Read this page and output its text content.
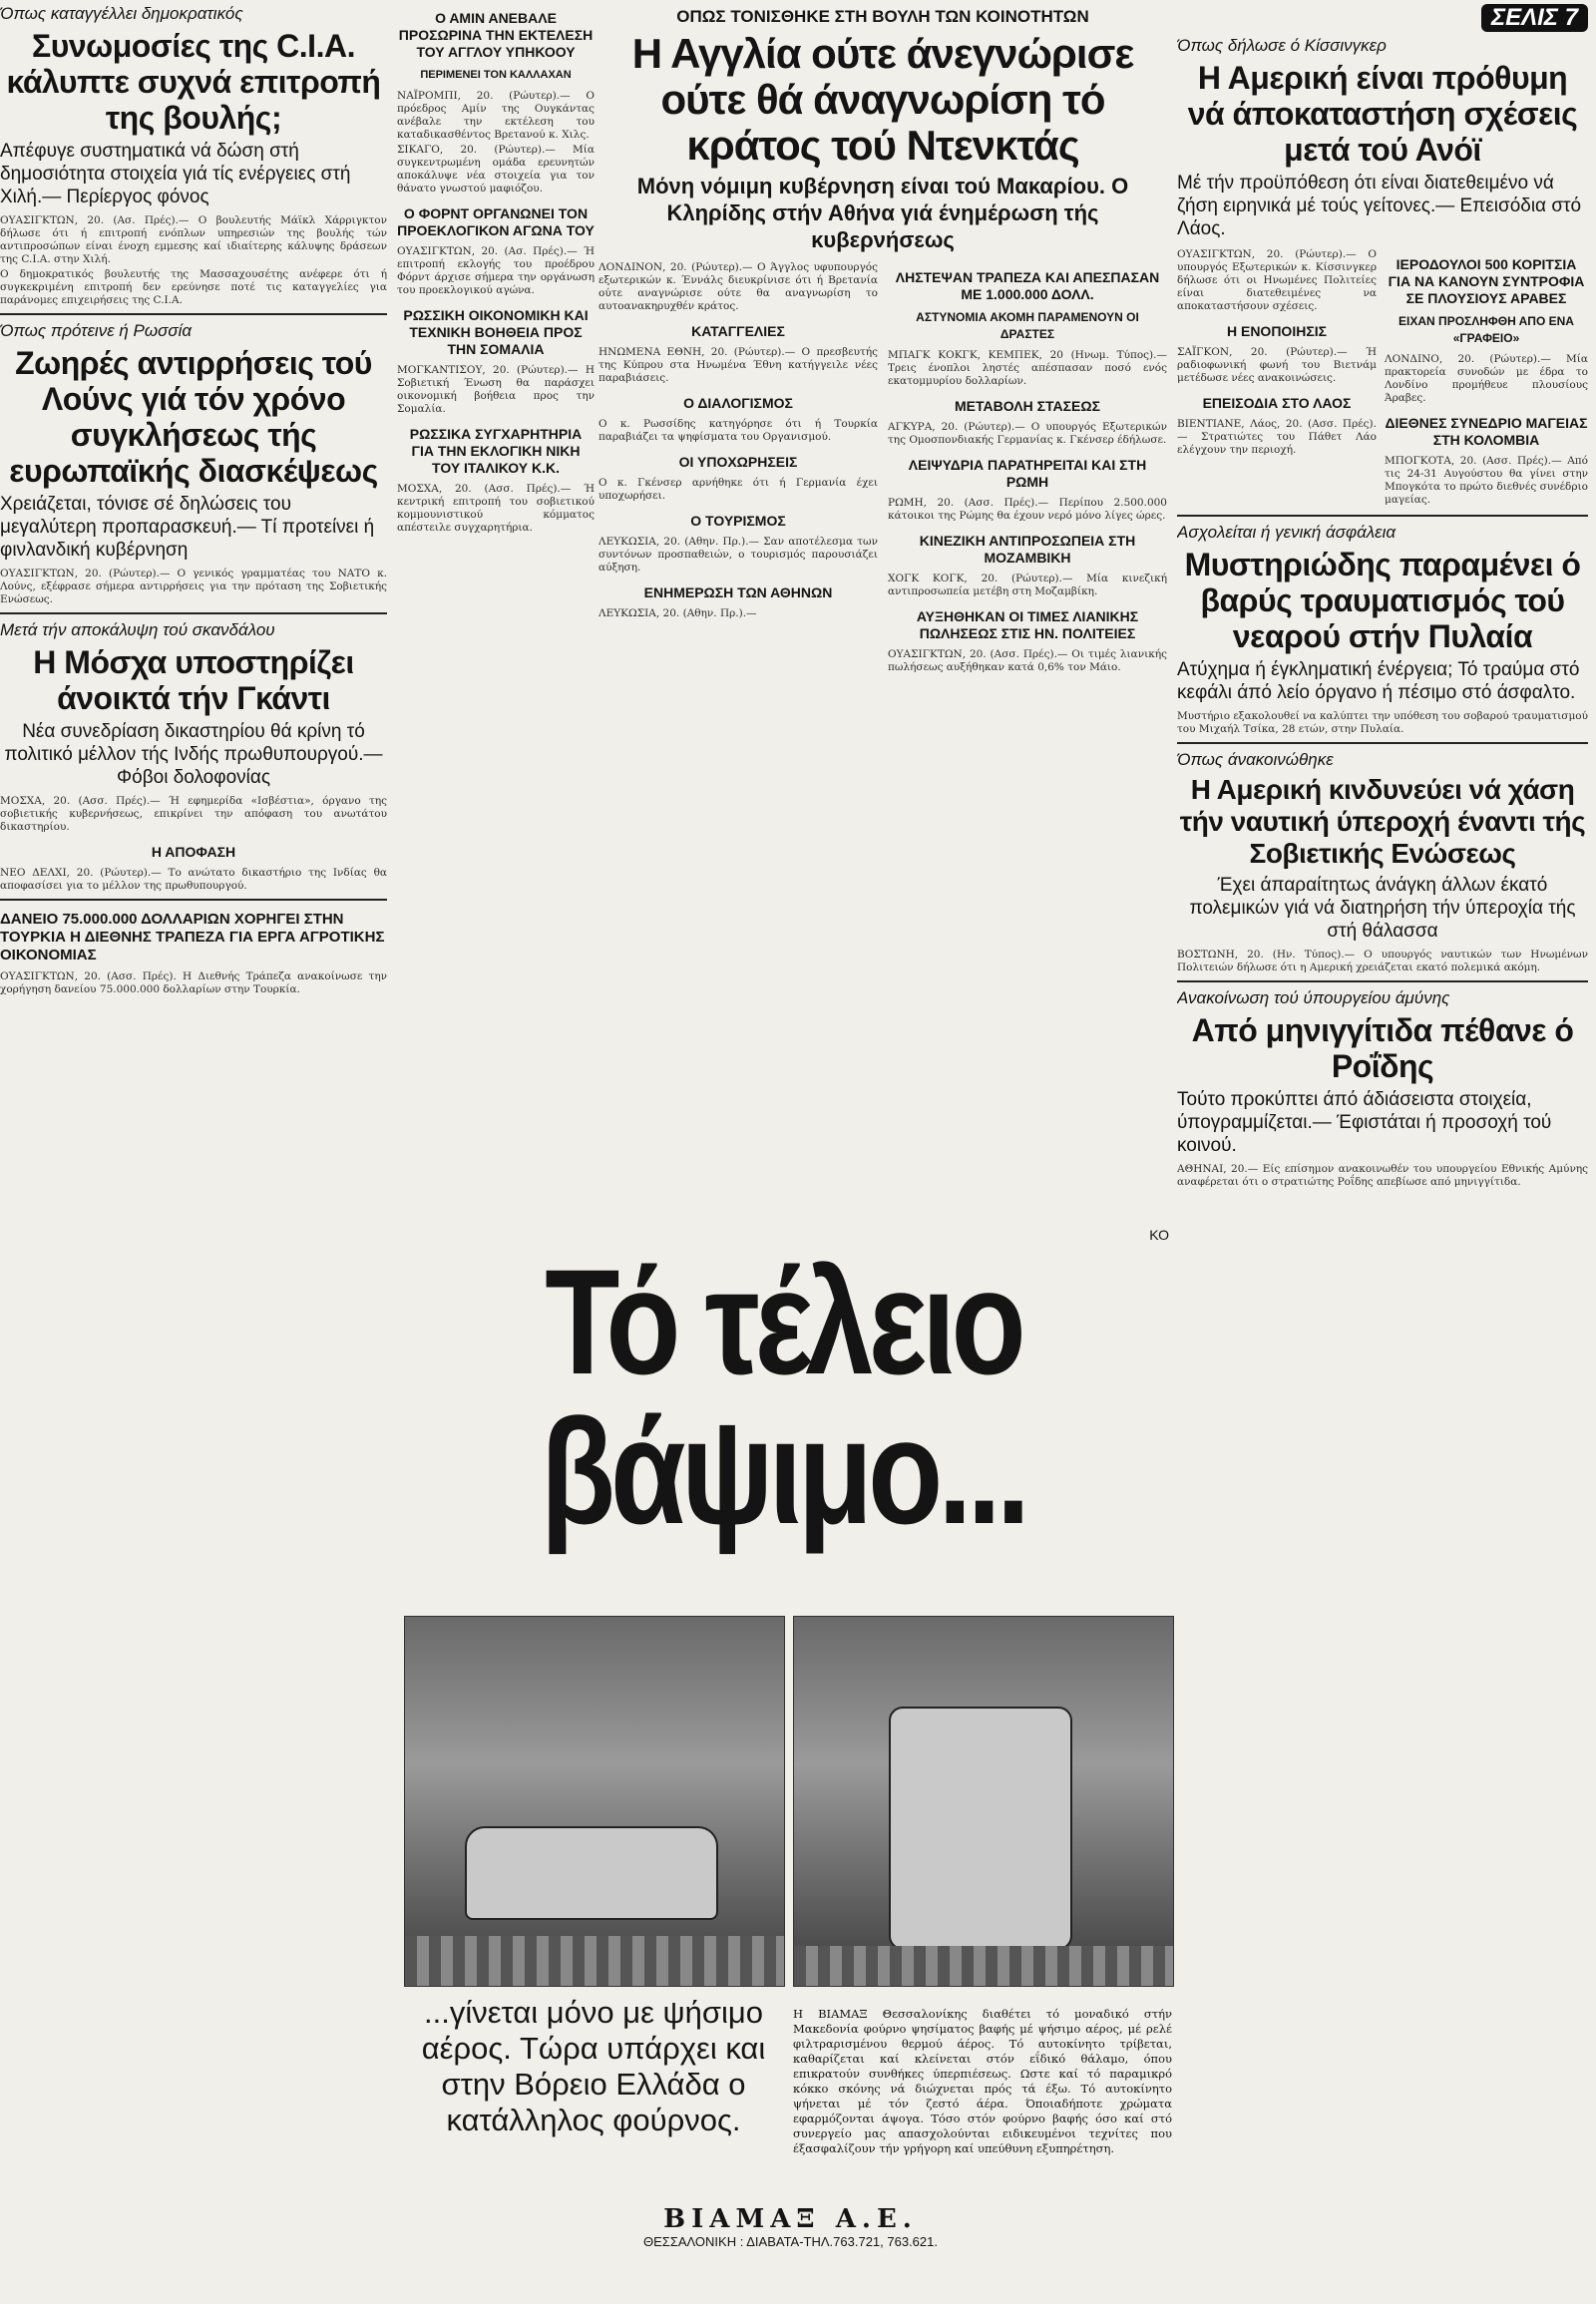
Όπως καταγγέλλει δημοκρατικός
Συνωμοσίες της C.I.A. κάλυπτε συχνά επιτροπή της βουλής;
Απέφυγε συστηματικά νά δώση στή δημοσιότητα στοιχεία γιά τίς ενέργειες στή Χιλή.— Περίεργος φόνος

ΟΥΑΣΙΓΚΤΩΝ, 20. (Ασ. Πρές).— Ο βουλευτής Μάϊκλ Χάρριγκτον δήλωσε ότι ή επιτροπή ενόπλων υπηρεσιών της βουλής τών αντιπροσώπων είναι ένοχη εμμεσης καί ιδιαίτερης κάλυψης δράσεων της C.I.A. στην Χιλή.

Ο δημοκρατικός βουλευτής της Μασσαχουσέτης ανέφερε ότι ή συγκεκριμένη επιτροπή δεν ερεύνησε ποτέ τις καταγγελίες για παράνομες επιχειρήσεις της C.I.A.

Όπως πρότεινε ή Ρωσσία
Ζωηρές αντιρρήσεις τού Λούνς γιά τόν χρόνο συγκλήσεως τής ευρωπαϊκής διασκέψεως
Χρειάζεται, τόνισε σέ δηλώσεις του μεγαλύτερη προπαρασκευή.— Τί προτείνει ή φινλανδική κυβέρνηση

ΟΥΑΣΙΓΚΤΩΝ, 20. (Ρώυτερ).— Ο γενικός γραμματέας του ΝΑΤΟ κ. Λούνς, εξέφρασε σήμερα αντιρρήσεις για την πρόταση της Σοβιετικής Ενώσεως.

Μετά τήν αποκάλυψη τού σκανδάλου
Η Μόσχα υποστηρίζει άνοικτά τήν Γκάντι
Νέα συνεδρίαση δικαστηρίου θά κρίνη τό πολιτικό μέλλον τής Ινδής πρωθυπουργού.— Φόβοι δολοφονίας

ΜΟΣΧΑ, 20. (Ασσ. Πρές).— Ή εφημερίδα «Ισβέστια», όργανο της σοβιετικής κυβερνήσεως, επικρίνει την απόφαση του ανωτάτου δικαστηρίου.

Η ΑΠΟΦΑΣΗ

ΝΕΟ ΔΕΛΧΙ, 20. (Ρώυτερ).— Το ανώτατο δικαστήριο της Ινδίας θα αποφασίσει για το μέλλον της πρωθυπουργού.

ΔΑΝΕΙΟ 75.000.000 ΔΟΛΛΑΡΙΩΝ ΧΟΡΗΓΕΙ ΣΤΗΝ ΤΟΥΡΚΙΑ Η ΔΙΕΘΝΗΣ ΤΡΑΠΕΖΑ ΓΙΑ ΕΡΓΑ ΑΓΡΟΤΙΚΗΣ ΟΙΚΟΝΟΜΙΑΣ

ΟΥΑΣΙΓΚΤΩΝ, 20. (Ασσ. Πρές). Η Διεθνής Τράπεζα ανακοίνωσε την χορήγηση δανείου 75.000.000 δολλαρίων στην Τουρκία.

Ο ΑΜΙΝ ΑΝΕΒΑΛΕ ΠΡΟΣΩΡΙΝΑ ΤΗΝ ΕΚΤΕΛΕΣΗ ΤΟΥ ΑΓΓΛΟΥ ΥΠΗΚΟΟΥ
ΠΕΡΙΜΕΝΕΙ ΤΟΝ ΚΑΛΛΑΧΑΝ

ΝΑΪΡΟΜΠΙ, 20. (Ρώυτερ).— Ο πρόεδρος Αμίν της Ουγκάντας ανέβαλε την εκτέλεση του καταδικασθέντος Βρετανού κ. Χιλς.

ΣΙΚΑΓΟ, 20. (Ρώυτερ).— Μία συγκεντρωμένη ομάδα ερευνητών αποκάλυψε νέα στοιχεία για τον θάνατο γνωστού μαφιόζου.

Ο ΦΟΡΝΤ ΟΡΓΑΝΩΝΕΙ ΤΟΝ ΠΡΟΕΚΛΟΓΙΚΟΝ ΑΓΩΝΑ ΤΟΥ

ΟΥΑΣΙΓΚΤΩΝ, 20. (Ασ. Πρές).— Ή επιτροπή εκλογής του προέδρου Φόρντ άρχισε σήμερα την οργάνωση του προεκλογικού αγώνα.

ΡΩΣΣΙΚΗ ΟΙΚΟΝΟΜΙΚΗ ΚΑΙ ΤΕΧΝΙΚΗ ΒΟΗΘΕΙΑ ΠΡΟΣ ΤΗΝ ΣΟΜΑΛΙΑ

ΜΟΓΚΑΝΤΙΣΟΥ, 20. (Ρώυτερ).— Η Σοβιετική Ένωση θα παράσχει οικονομική βοήθεια προς την Σομαλία.

ΡΩΣΣΙΚΑ ΣΥΓΧΑΡΗΤΗΡΙΑ ΓΙΑ ΤΗΝ ΕΚΛΟΓΙΚΗ ΝΙΚΗ ΤΟΥ ΙΤΑΛΙΚΟΥ Κ.Κ.

ΜΟΣΧΑ, 20. (Ασσ. Πρές).— Ή κεντρική επιτροπή του σοβιετικού κομμουνιστικού κόμματος απέστειλε συγχαρητήρια.

ΟΠΩΣ ΤΟΝΙΣΘΗΚΕ ΣΤΗ ΒΟΥΛΗ ΤΩΝ ΚΟΙΝΟΤΗΤΩΝ
Η Αγγλία ούτε άνεγνώρισε ούτε θά άναγνωρίση τό κράτος τού Ντενκτάς
Μόνη νόμιμη κυβέρνηση είναι τού Μακαρίου. Ο Κληρίδης στήν Αθήνα γιά ένημέρωση τής κυβερνήσεως

ΛΟΝΔΙΝΟΝ, 20. (Ρώυτερ).— Ο Άγγλος υφυπουργός εξωτερικών κ. Έννάλς διευκρίνισε ότι ή Βρετανία ούτε αναγνώρισε ούτε θα αναγνωρίση το αυτοανακηρυχθέν κράτος.

ΚΑΤΑΓΓΕΛΙΕΣ

ΗΝΩΜΕΝΑ ΕΘΝΗ, 20. (Ρώυτερ).— Ο πρεσβευτής της Κύπρου στα Ηνωμένα Έθνη κατήγγειλε νέες παραβιάσεις.

Ο ΔΙΑΛΟΓΙΣΜΟΣ

Ο κ. Ρωσσίδης κατηγόρησε ότι ή Τουρκία παραβιάζει τα ψηφίσματα του Οργανισμού.

ΟΙ ΥΠΟΧΩΡΗΣΕΙΣ

Ο κ. Γκένσερ αρνήθηκε ότι ή Γερμανία έχει υποχωρήσει.

Ο ΤΟΥΡΙΣΜΟΣ

ΛΕΥΚΩΣΙΑ, 20. (Αθην. Πρ.).— Σαν αποτέλεσμα των συντόνων προσπαθειών, ο τουρισμός παρουσιάζει αύξηση.

ΕΝΗΜΕΡΩΣΗ ΤΩΝ ΑΘΗΝΩΝ

ΛΕΥΚΩΣΙΑ, 20. (Αθην. Πρ.).—

ΛΗΣΤΕΨΑΝ ΤΡΑΠΕΖΑ ΚΑΙ ΑΠΕΣΠΑΣΑΝ ΜΕ 1.000.000 ΔΟΛΛ.
ΑΣΤΥΝΟΜΙΑ ΑΚΟΜΗ ΠΑΡΑΜΕΝΟΥΝ ΟΙ ΔΡΑΣΤΕΣ

ΜΠΑΓΚ ΚΟΚΓΚ, ΚΕΜΠΕΚ, 20 (Ηνωμ. Τύπος).— Τρεις ένοπλοι ληστές απέσπασαν ποσό ενός εκατομμυρίου δολλαρίων.

ΜΕΤΑΒΟΛΗ ΣΤΑΣΕΩΣ

ΑΓΚΥΡΑ, 20. (Ρώυτερ).— Ο υπουργός Εξωτερικών της Ομοσπονδιακής Γερμανίας κ. Γκένσερ έδήλωσε.

ΛΕΙΨΥΔΡΙΑ ΠΑΡΑΤΗΡΕΙΤΑΙ ΚΑΙ ΣΤΗ ΡΩΜΗ

ΡΩΜΗ, 20. (Ασσ. Πρές).— Περίπου 2.500.000 κάτοικοι της Ρώμης θα έχουν νερό μόνο λίγες ώρες.

ΚΙΝΕΖΙΚΗ ΑΝΤΙΠΡΟΣΩΠΕΙΑ ΣΤΗ ΜΟΖΑΜΒΙΚΗ

ΧΟΓΚ ΚΟΓΚ, 20. (Ρώυτερ).— Μία κινεζική αντιπροσωπεία μετέβη στη Μοζαμβίκη.

ΑΥΞΗΘΗΚΑΝ ΟΙ ΤΙΜΕΣ ΛΙΑΝΙΚΗΣ ΠΩΛΗΣΕΩΣ ΣΤΙΣ ΗΝ. ΠΟΛΙΤΕΙΕΣ

ΟΥΑΣΙΓΚΤΩΝ, 20. (Ασσ. Πρές).— Οι τιμές λιανικής πωλήσεως αυξήθηκαν κατά 0,6% τον Μάιο.

ΚΟ
Τό τέλειο βάψιμο...
...γίνεται μόνο με ψήσιμο αέρος. Τώρα υπάρχει και στην Βόρειο Ελλάδα ο κατάλληλος φούρνος.

Η ΒΙΑΜΑΞ Θεσσαλονίκης διαθέτει τό μοναδικό στήν Μακεδονία φούρνο ψησίματος βαφής μέ ψήσιμο αέρος, μέ ρελέ φιλτραρισμένου θερμού άέρος. Τό αυτοκίνητο τρίβεται, καθαρίζεται καί κλείνεται στόν εΐδικό θάλαμο, όπου επικρατούν συνθήκες ύπερπιέσεως. Ωστε καί τό παραμικρό κόκκο σκόνης νά διώχνεται πρός τά έξω. Τό αυτοκίνητο ψήνεται μέ τόν ζεστό άέρα. Όποιαδήποτε χρώματα εφαρμόζονται άψογα. Τόσο στόν φούρνο βαφής όσο καί στό συνεργείο μας απασχολούνται ειδικευμένοι τεχνίτες που έξασφαλίζουν τήν γρήγορη καί υπεύθυνη εξυπηρέτηση.

ΒΙΑΜΑΞ Α.Ε.
ΘΕΣΣΑΛΟΝΙΚΗ : ΔΙΑΒΑΤΑ-ΤΗΛ.763.721, 763.621.
ΣΕΛΙΣ 7
Όπως δήλωσε ό Κίσσινγκερ
Η Αμερική είναι πρόθυμη νά άποκαταστήση σχέσεις μετά τού Ανόϊ
Μέ τήν προϋπόθεση ότι είναι διατεθειμένο νά ζήση ειρηνικά μέ τούς γείτονες.— Επεισόδια στό Λάος.

ΟΥΑΣΙΓΚΤΩΝ, 20. (Ρώυτερ).— Ο υπουργός Εξωτερικών κ. Κίσσινγκερ δήλωσε ότι οι Ηνωμένες Πολιτείες είναι διατεθειμένες να αποκαταστήσουν σχέσεις.

Η ΕΝΟΠΟΙΗΣΙΣ

ΣΑΪΓΚΟΝ, 20. (Ρώυτερ).— Ή ραδιοφωνική φωνή του Βιετνάμ μετέδωσε νέες ανακοινώσεις.

ΕΠΕΙΣΟΔΙΑ ΣΤΟ ΛΑΟΣ

ΒΙΕΝΤΙΑΝΕ, Λάος, 20. (Ασσ. Πρές).— Στρατιώτες του Πάθετ Λάο ελέγχουν την περιοχή.

ΙΕΡΟΔΟΥΛΟΙ 500 ΚΟΡΙΤΣΙΑ ΓΙΑ ΝΑ ΚΑΝΟΥΝ ΣΥΝΤΡΟΦΙΑ ΣΕ ΠΛΟΥΣΙΟΥΣ ΑΡΑΒΕΣ
ΕΙΧΑΝ ΠΡΟΣΛΗΦΘΗ ΑΠΟ ΕΝΑ «ΓΡΑΦΕΙΟ»

ΛΟΝΔΙΝΟ, 20. (Ρώυτερ).— Μία πρακτορεία συνοδών με έδρα το Λονδίνο προμήθευε πλουσίους Άραβες.

ΔΙΕΘΝΕΣ ΣΥΝΕΔΡΙΟ ΜΑΓΕΙΑΣ ΣΤΗ ΚΟΛΟΜΒΙΑ

ΜΠΟΓΚΟΤΑ, 20. (Ασσ. Πρές).— Από τις 24-31 Αυγούστου θα γίνει στην Μπογκότα το πρώτο διεθνές συνέδριο μαγείας.

Ασχολείται ή γενική άσφάλεια
Μυστηριώδης παραμένει ό βαρύς τραυματισμός τού νεαρού στήν Πυλαία
Ατύχημα ή έγκληματική ένέργεια; Τό τραύμα στό κεφάλι άπό λείο όργανο ή πέσιμο στό άσφαλτο.

Μυστήριο εξακολουθεί να καλύπτει την υπόθεση του σοβαρού τραυματισμού του Μιχαήλ Τσίκα, 28 ετών, στην Πυλαία.

Όπως άνακοινώθηκε
Η Αμερική κινδυνεύει νά χάση τήν ναυτική ύπεροχή έναντι τής Σοβιετικής Ενώσεως
Έχει άπαραίτητως άνάγκη άλλων έκατό πολεμικών γιά νά διατηρήση τήν ύπεροχία τής στή θάλασσα

ΒΟΣΤΩΝΗ, 20. (Ην. Τύπος).— Ο υπουργός ναυτικών των Ηνωμένων Πολιτειών δήλωσε ότι η Αμερική χρειάζεται εκατό πολεμικά ακόμη.

Ανακοίνωση τού ύπουργείου άμύνης
Από μηνιγγίτιδα πέθανε ό Ροΐδης
Τούτο προκύπτει άπό άδιάσειστα στοιχεία, ύπογραμμίζεται.— Έφιστάται ή προσοχή τού κοινού.

ΑΘΗΝΑΙ, 20.— Είς επίσημον ανακοινωθέν του υπουργείου Εθνικής Αμύνης αναφέρεται ότι ο στρατιώτης Ροΐδης απεβίωσε από μηνιγγίτιδα.
